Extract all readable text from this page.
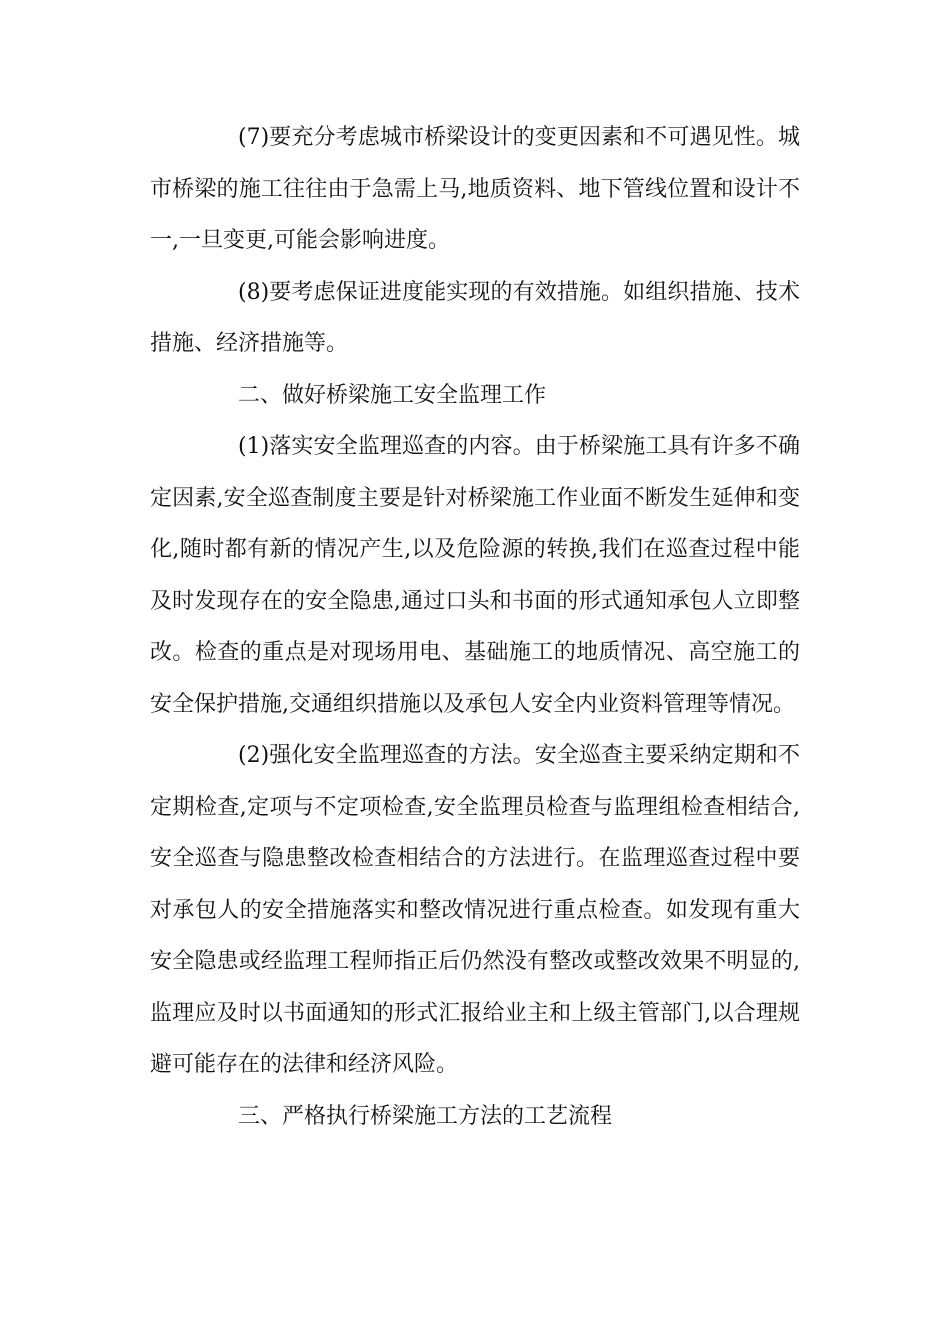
(7)要充分考虑城市桥梁设计的变更因素和不可遇见性。城市桥梁的施工往往由于急需上马,地质资料、地下管线位置和设计不一,一旦变更,可能会影响进度。

(8)要考虑保证进度能实现的有效措施。如组织措施、技术措施、经济措施等。

二、做好桥梁施工安全监理工作

(1)落实安全监理巡查的内容。由于桥梁施工具有许多不确定因素,安全巡查制度主要是针对桥梁施工作业面不断发生延伸和变化,随时都有新的情况产生,以及危险源的转换,我们在巡查过程中能及时发现存在的安全隐患,通过口头和书面的形式通知承包人立即整改。检查的重点是对现场用电、基础施工的地质情况、高空施工的安全保护措施,交通组织措施以及承包人安全内业资料管理等情况。

(2)强化安全监理巡查的方法。安全巡查主要采纳定期和不定期检查,定项与不定项检查,安全监理员检查与监理组检查相结合,安全巡查与隐患整改检查相结合的方法进行。在监理巡查过程中要对承包人的安全措施落实和整改情况进行重点检查。如发现有重大安全隐患或经监理工程师指正后仍然没有整改或整改效果不明显的,监理应及时以书面通知的形式汇报给业主和上级主管部门,以合理规避可能存在的法律和经济风险。

三、严格执行桥梁施工方法的工艺流程
